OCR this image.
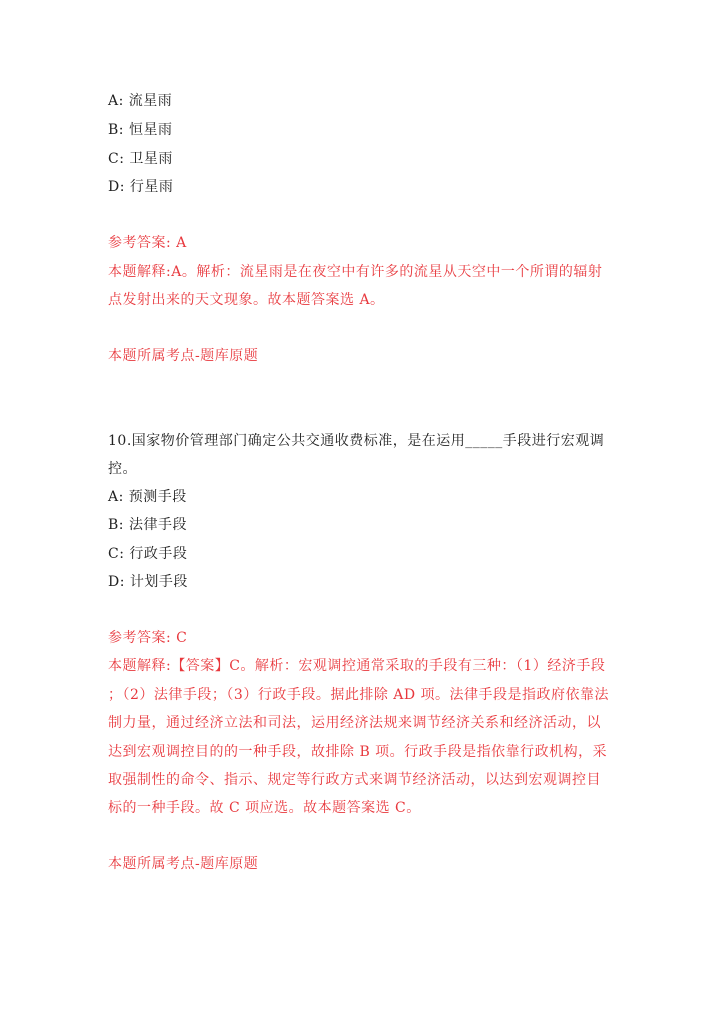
A: 流星雨
B: 恒星雨
C: 卫星雨
D: 行星雨
参考答案: A
本题解释:A。解析：流星雨是在夜空中有许多的流星从天空中一个所谓的辐射
点发射出来的天文现象。故本题答案选 A。
本题所属考点-题库原题
10.国家物价管理部门确定公共交通收费标准，是在运用_____手段进行宏观调
控。
A: 预测手段
B: 法律手段
C: 行政手段
D: 计划手段
参考答案: C
本题解释:【答案】C。解析：宏观调控通常采取的手段有三种：（1）经济手段
；（2）法律手段；（3）行政手段。据此排除 AD 项。法律手段是指政府依靠法
制力量，通过经济立法和司法，运用经济法规来调节经济关系和经济活动，以
达到宏观调控目的的一种手段，故排除 B 项。行政手段是指依靠行政机构，采
取强制性的命令、指示、规定等行政方式来调节经济活动，以达到宏观调控目
标的一种手段。故 C 项应选。故本题答案选 C。
本题所属考点-题库原题
